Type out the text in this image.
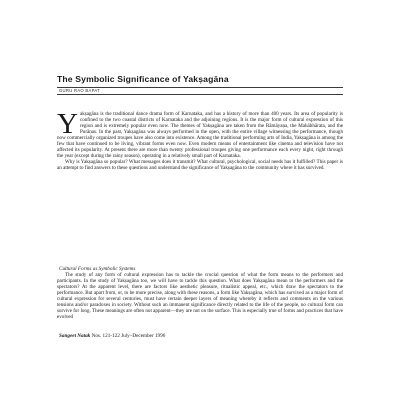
The Symbolic Significance of Yakṣagāna
GURU RAO BAPAT

Yakṣagāna is the traditional dance drama form of Karnataka, and has a history of more than 400 years. Its area of popularity is confined to the two coastal districts of Karnataka and the adjoining regions. It is the major form of cultural expression of this region and is extremely popular even now. The themes of Yakṣagāna are taken from the Rāmāyaṇa, the Mahābhārata, and the Purāṇas. In the past, Yakṣagāna was always performed in the open, with the entire village witnessing the performance, though now commercially organized troupes have also come into existence. Among the traditional performing arts of India, Yakṣagāna is among the few that have continued to be living, vibrant forms even now. Even modern means of entertainment like cinema and television have not affected its popularity. At present there are more than twenty professional troupes giving one performance each every night, right through the year (except during the rainy season), operating in a relatively small part of Karnataka.

Why is Yakṣagāna so popular? What messages does it transmit? What cultural, psychological, social needs has it fulfilled? This paper is an attempt to find answers to these questions and understand the significance of Yakṣagāna to the community where it has survived.

Cultural Forms as Symbolic Systems

The study of any form of cultural expression has to tackle the crucial question of what the form means to the performers and participants. In the study of Yakṣagāna too, we will have to tackle this question. What does Yakṣagāna mean to the performers and the spectators? At the apparent level, there are factors like aesthetic pleasure, ritualistic appeal, etc., which draw the spectators to the performance. But apart from, or, to be more precise, along with these reasons, a form like Yakṣagāna, which has survived as a major form of cultural expression for several centuries, must have certain deeper layers of meaning whereby it reflects and comments on the various tensions and/or paradoxes in society. Without such an immanent significance directly related to the life of the people, no cultural form can survive for long. These meanings are often not apparent—they are not on the surface. This is especially true of forms and practices that have evolved

Sangeet Natak Nos. 121-122 July–December 1996
